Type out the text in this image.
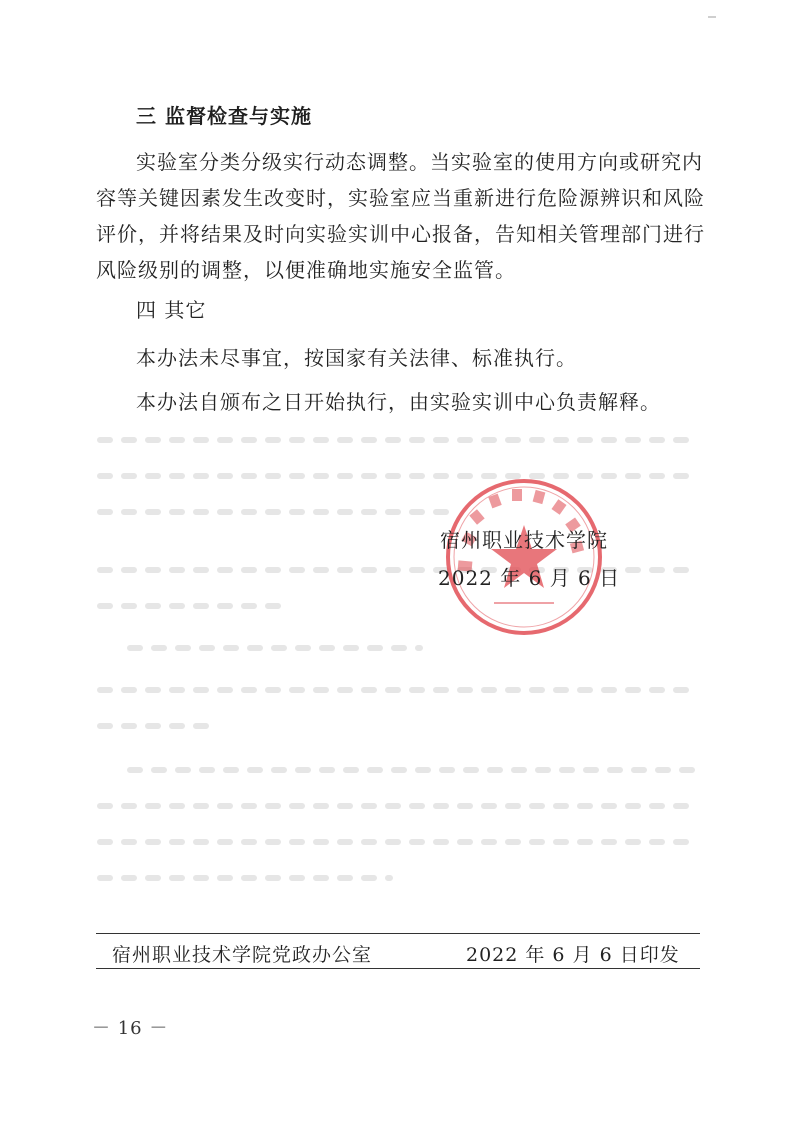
三 监督检查与实施
实验室分类分级实行动态调整。当实验室的使用方向或研究内容等关键因素发生改变时，实验室应当重新进行危险源辨识和风险评价，并将结果及时向实验实训中心报备，告知相关管理部门进行风险级别的调整，以便准确地实施安全监管。
四 其它
本办法未尽事宜，按国家有关法律、标准执行。
本办法自颁布之日开始执行，由实验实训中心负责解释。
宿州职业技术学院
2022 年 6 月 6 日
宿州职业技术学院党政办公室	2022 年 6 月 6 日印发
－ 16 －
